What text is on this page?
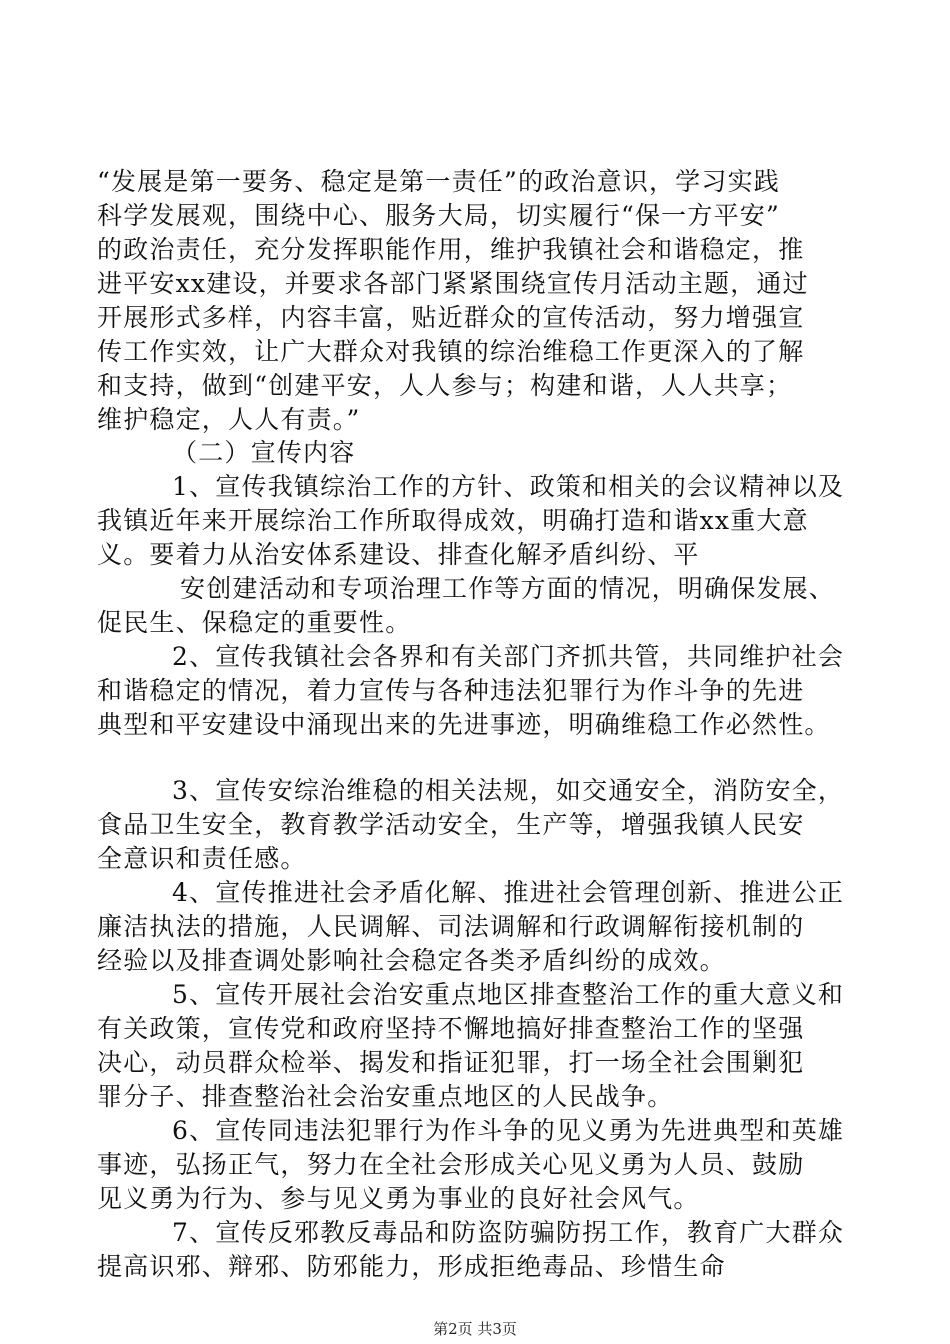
“发展是第一要务、稳定是第一责任”的政治意识，学习实践
科学发展观，围绕中心、服务大局，切实履行“保一方平安”
的政治责任，充分发挥职能作用，维护我镇社会和谐稳定，推
进平安xx建设，并要求各部门紧紧围绕宣传月活动主题，通过
开展形式多样，内容丰富，贴近群众的宣传活动，努力增强宣
传工作实效，让广大群众对我镇的综治维稳工作更深入的了解
和支持，做到“创建平安，人人参与；构建和谐，人人共享；
维护稳定，人人有责。”
（二）宣传内容
1、宣传我镇综治工作的方针、政策和相关的会议精神以及
我镇近年来开展综治工作所取得成效，明确打造和谐xx重大意
义。要着力从治安体系建设、排查化解矛盾纠纷、平
安创建活动和专项治理工作等方面的情况，明确保发展、
促民生、保稳定的重要性。
2、宣传我镇社会各界和有关部门齐抓共管，共同维护社会
和谐稳定的情况，着力宣传与各种违法犯罪行为作斗争的先进
典型和平安建设中涌现出来的先进事迹，明确维稳工作必然性。
3、宣传安综治维稳的相关法规，如交通安全，消防安全，
食品卫生安全，教育教学活动安全，生产等，增强我镇人民安
全意识和责任感。
4、宣传推进社会矛盾化解、推进社会管理创新、推进公正
廉洁执法的措施，人民调解、司法调解和行政调解衔接机制的
经验以及排查调处影响社会稳定各类矛盾纠纷的成效。
5、宣传开展社会治安重点地区排查整治工作的重大意义和
有关政策，宣传党和政府坚持不懈地搞好排查整治工作的坚强
决心，动员群众检举、揭发和指证犯罪，打一场全社会围剿犯
罪分子、排查整治社会治安重点地区的人民战争。
6、宣传同违法犯罪行为作斗争的见义勇为先进典型和英雄
事迹，弘扬正气，努力在全社会形成关心见义勇为人员、鼓励
见义勇为行为、参与见义勇为事业的良好社会风气。
7、宣传反邪教反毒品和防盗防骗防拐工作，教育广大群众
提高识邪、辩邪、防邪能力，形成拒绝毒品、珍惜生命
第2页 共3页
